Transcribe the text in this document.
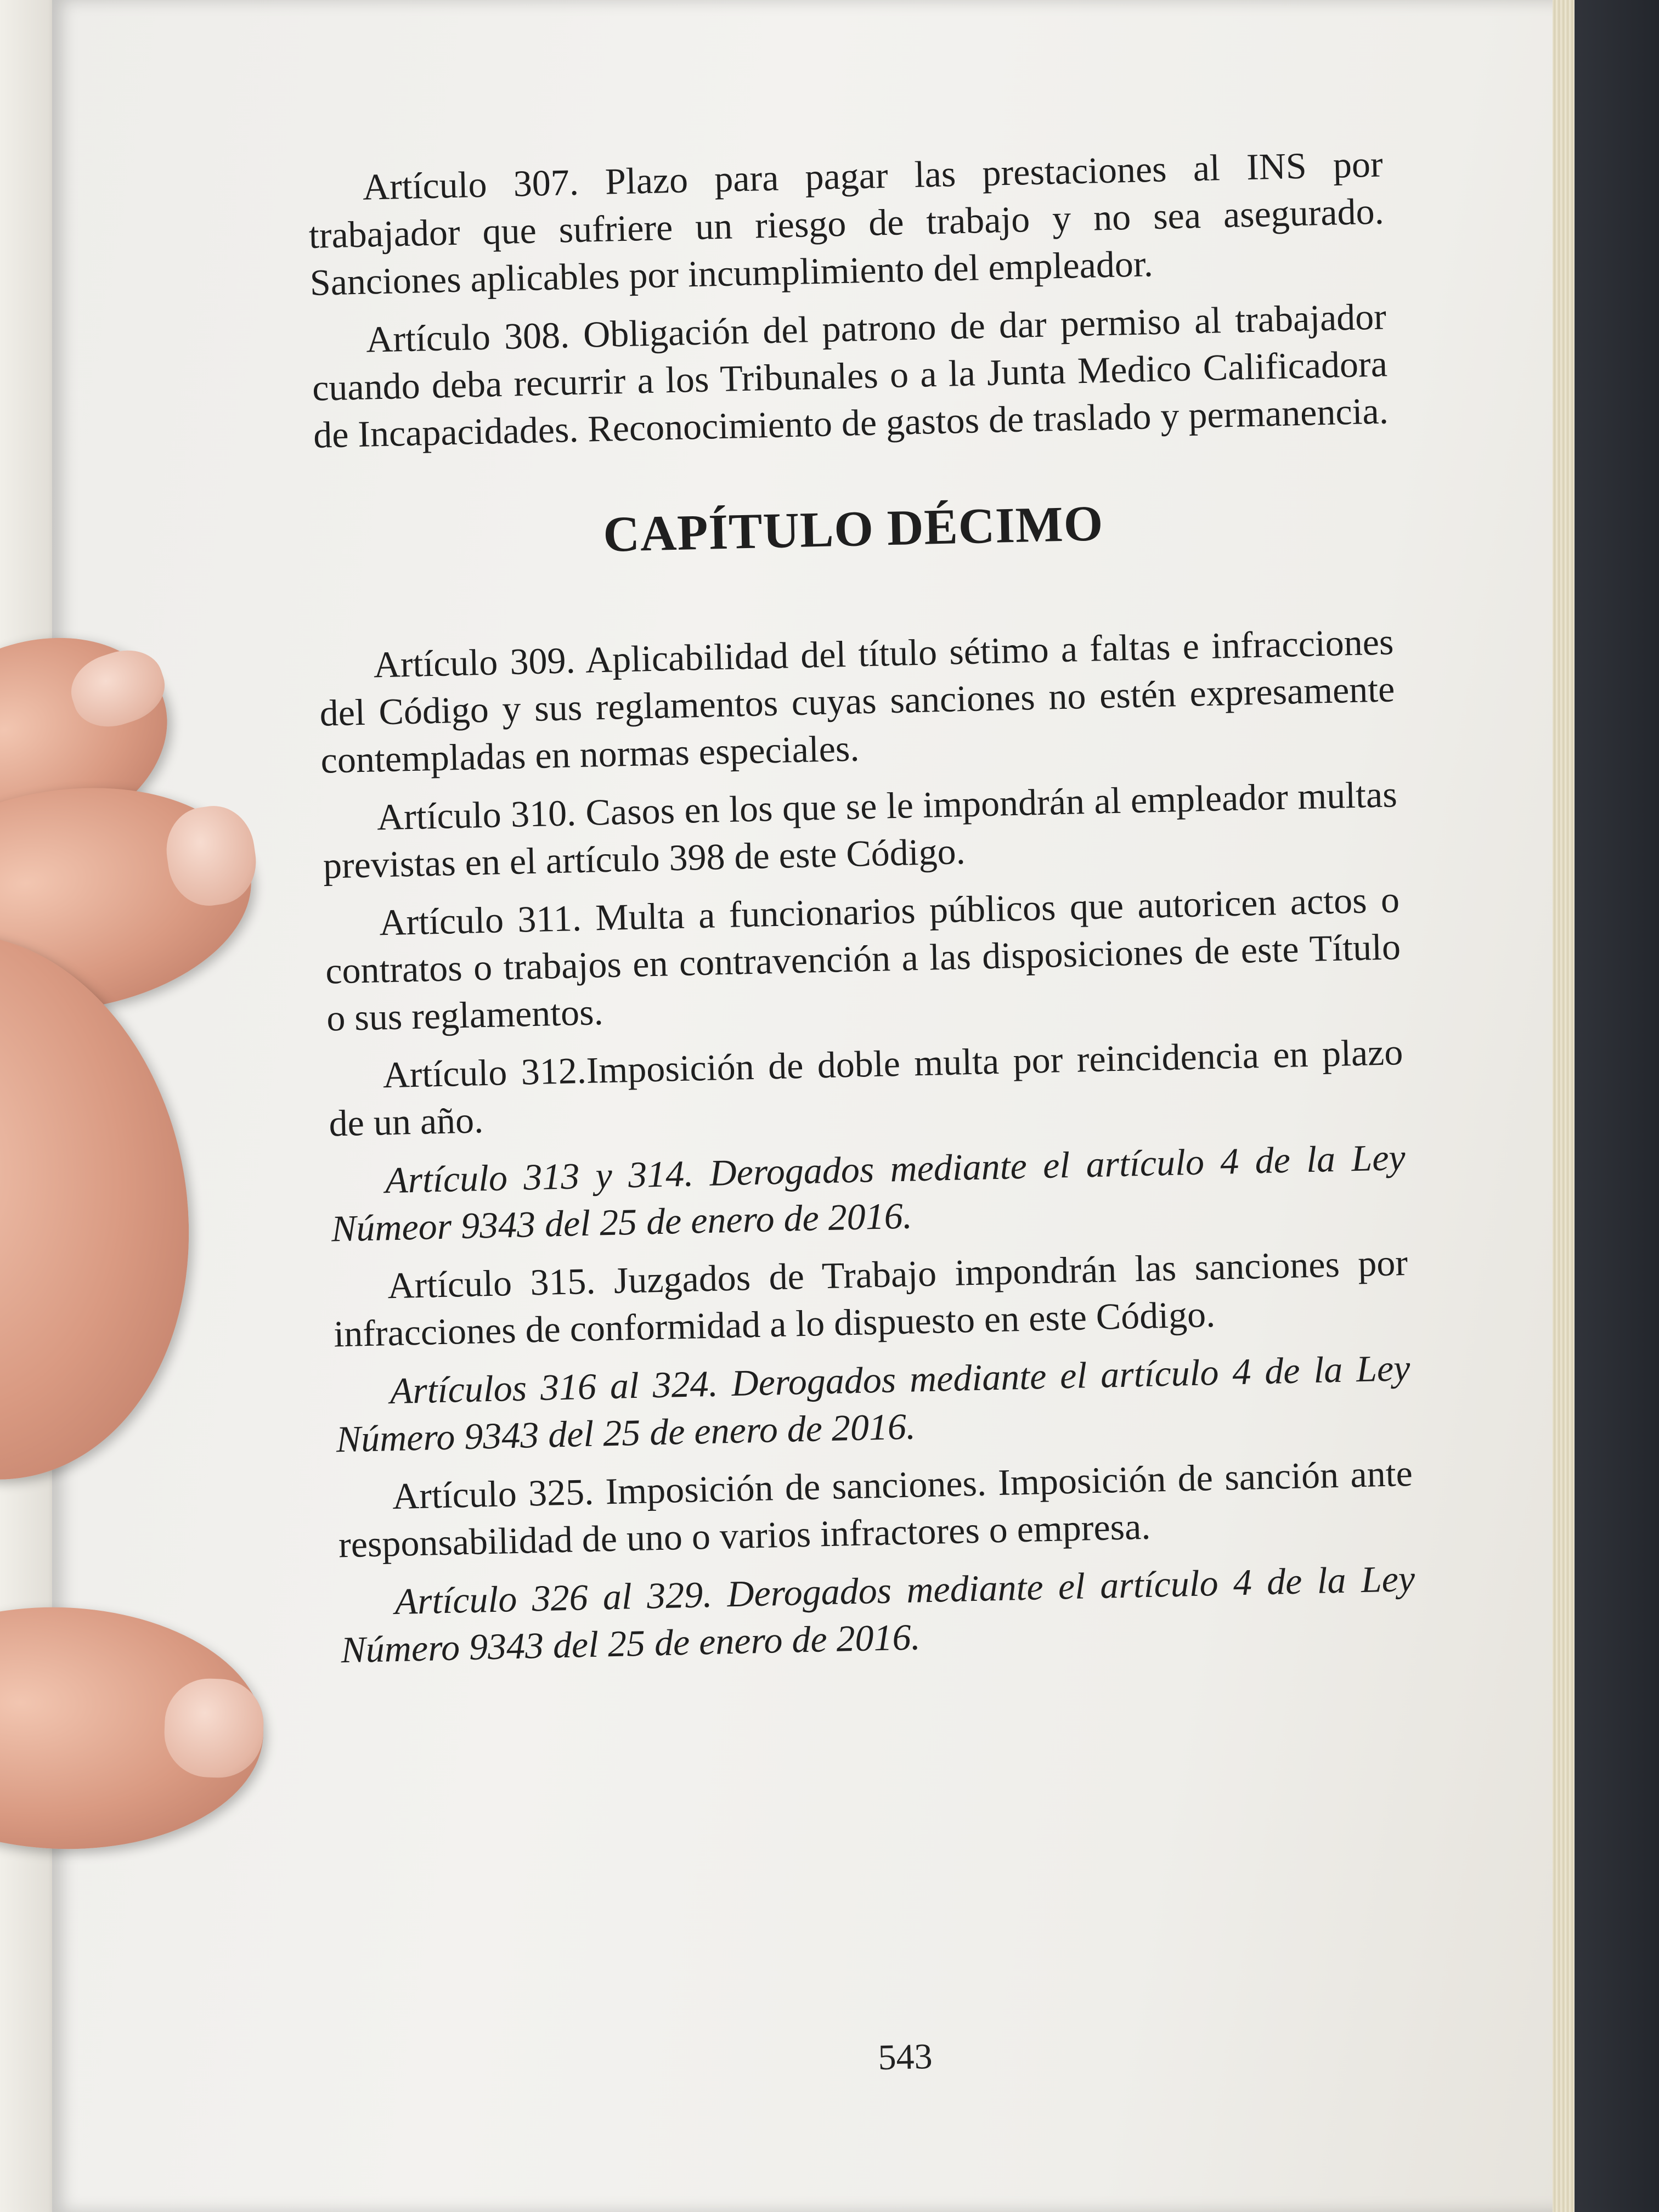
Artículo 307. Plazo para pagar las prestaciones al INS por trabajador que sufriere un riesgo de trabajo y no sea asegurado. Sanciones aplicables por incumplimiento del empleador.

Artículo 308. Obligación del patrono de dar permiso al trabajador cuando deba recurrir a los Tribunales o a la Junta Medico Calificadora de Incapacidades. Reconocimiento de gastos de traslado y permanencia.

CAPÍTULO DÉCIMO

Artículo 309. Aplicabilidad del título sétimo a faltas e infracciones del Código y sus reglamentos cuyas sanciones no estén expresamente contempladas en normas especiales.

Artículo 310. Casos en los que se le impondrán al empleador multas previstas en el artículo 398 de este Código.

Artículo 311. Multa a funcionarios públicos que autoricen actos o contratos o trabajos en contravención a las disposiciones de este Título o sus reglamentos.

Artículo 312.Imposición de doble multa por reincidencia en plazo de un año.

Artículo 313 y 314. Derogados mediante el artículo 4 de la Ley Númeor 9343 del 25 de enero de 2016.

Artículo 315. Juzgados de Trabajo impondrán las sanciones por infracciones de conformidad a lo dispuesto en este Código.

Artículos 316 al 324. Derogados mediante el artículo 4 de la Ley Número 9343 del 25 de enero de 2016.

Artículo 325. Imposición de sanciones. Imposición de sanción ante responsabilidad de uno o varios infractores o empresa.

Artículo 326 al 329. Derogados mediante el artículo 4 de la Ley Número 9343 del 25 de enero de 2016.

543
